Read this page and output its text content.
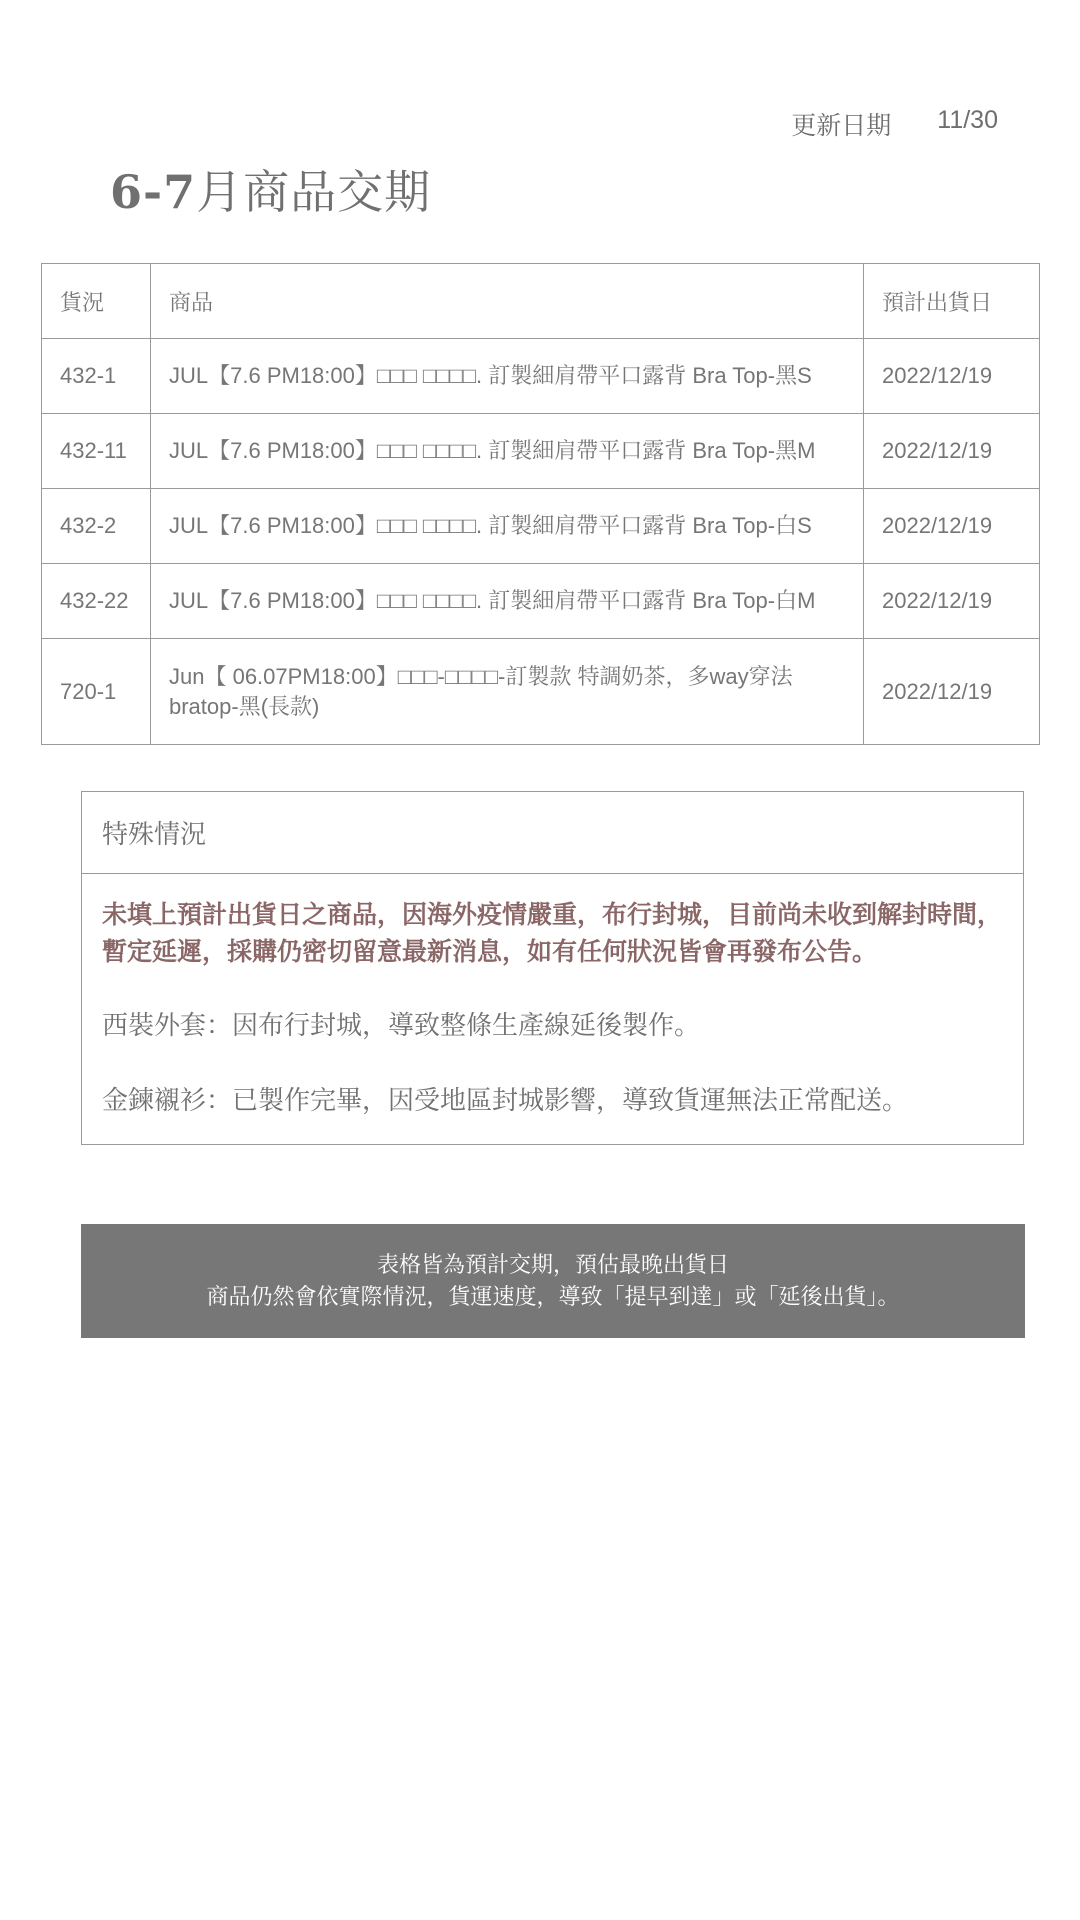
更新日期 11/30
6-7月商品交期
貨況	商品	預計出貨日
432-1	JUL【7.6 PM18:00】□□□ □□□□. 訂製細肩帶平口露背 Bra Top-黑S	2022/12/19
432-11	JUL【7.6 PM18:00】□□□ □□□□. 訂製細肩帶平口露背 Bra Top-黑M	2022/12/19
432-2	JUL【7.6 PM18:00】□□□ □□□□. 訂製細肩帶平口露背 Bra Top-白S	2022/12/19
432-22	JUL【7.6 PM18:00】□□□ □□□□. 訂製細肩帶平口露背 Bra Top-白M	2022/12/19
720-1	Jun【 06.07PM18:00】□□□-□□□□-訂製款 特調奶茶，多way穿法 bratop-黑(長款)	2022/12/19
特殊情況

未填上預計出貨日之商品，因海外疫情嚴重，布行封城，目前尚未收到解封時間，暫定延遲，採購仍密切留意最新消息，如有任何狀況皆會再發布公告。

西裝外套：因布行封城，導致整條生產線延後製作。

金鍊襯衫：已製作完畢，因受地區封城影響，導致貨運無法正常配送。

表格皆為預計交期，預估最晚出貨日
商品仍然會依實際情況，貨運速度，導致「提早到達」或「延後出貨」。
